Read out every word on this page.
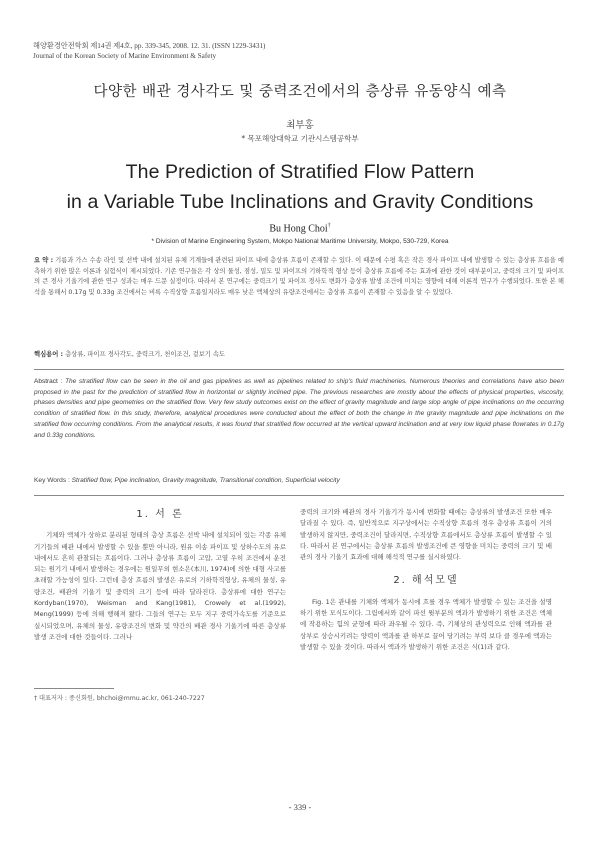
해양환경안전학회 제14권 제4호, pp. 339-345, 2008. 12. 31. (ISSN 1229-3431)
Journal of the Korean Society of Marine Environment & Safety
다양한 배관 경사각도 및 중력조건에서의 층상류 유동양식 예측
최부홍
* 목포해양대학교 기관시스템공학부
The Prediction of Stratified Flow Pattern
in a Variable Tube Inclinations and Gravity Conditions
Bu Hong Choi†
* Division of Marine Engineering System, Mokpo National Maritime University, Mokpo, 530-729, Korea
요 약 : 기름과 가스 수송 라인 및 선박 내에 설치된 유체 기계들에 관련된 파이프 내에 층상류 흐름이 존재할 수 있다. 이 때문에 수평 혹은 작은 경사 파이프 내에 발생할 수 있는 층상류 흐름을 예측하기 위한 많은 이론과 실험식이 제시되었다. 기존 연구들은 각 상의 물성, 점성, 밀도 및 파이프의 기하학적 형상 등이 층상류 흐름에 주는 효과에 관한 것이 대부분이고, 중력의 크기 및 파이프의 큰 경사 기울기에 관한 연구 성과는 매우 드문 실정이다. 따라서 본 연구에는 중력크기 및 파이프 경사도 변화가 층상류 발생 조건에 미치는 영향에 대해 이론적 연구가 수행되었다. 또한 본 해석을 통해서 0.17g 및 0.33g 조건에서는 비록 수직상향 흐름일지라도 매우 낮은 액체상의 유량조건에서는 층상류 흐름이 존재할 수 있음을 알 수 있었다.
핵심용어 : 층상류, 파이프 경사각도, 중력크기, 천이조건, 겉보기 속도
Abstract : The stratified flow can be seen in the oil and gas pipelines as well as pipelines related to ship's fluid machineries. Numerous theories and correlations have also been proposed in the past for the prediction of stratified flow in horizontal or slightly inclined pipe. The previous researches are mostly about the effects of physical properties, viscosity, phases densities and pipe geometries on the stratified flow. Very few study outcomes exist on the effect of gravity magnitude and large slop angle of pipe inclinations on the occurring condition of stratified flow. In this study, therefore, analytical procedures were conducted about the effect of both the change in the gravity magnitude and pipe inclinations on the stratified flow occurring conditions. From the analytical results, it was found that stratified flow occurred at the vertical upward inclination and at very low liquid phase flowrates in 0.17g and 0.33g conditions.
Key Words : Stratified flow, Pipe inclination, Gravity magnitude, Transitional condition, Superficial velocity
1. 서 론

기체와 액체가 상하로 분리된 형태의 층상 흐름은 선박 내에 설치되어 있는 각종 유체 기기들의 배관 내에서 발생할 수 있을 뿐만 아니라, 원유 이송 파이프 및 상하수도의 유로 내에서도 흔히 관찰되는 흐름이다. 그러나 층상류 흐름이 고압, 고열 우히 조건에서 운전되는 원기기 내에서 발생하는 경우에는 원일무외 현소은(本川, 1974)에 의한 대형 사고를 초래할 가능성이 있다. 그런데 층상 흐름의 발생은 유로의 기하학적형상, 유체의 물성, 유량조건, 배관의 기울기 및 중력의 크기 등에 따라 달라진다. 층상류에 대한 연구는 Kordyban(1970), Weisman and Kang(1981), Crowely et al.(1992), Meng(1999) 등에 의해 행해져 왔다. 그들의 연구는 모두 지구 중력가속도를 기준으로 실시되었으며, 유체의 물성, 유량조건의 변화 및 약간의 배관 경사 기울기에 따른 층상류 발생 조건에 대한 것들이다. 그러나

중력의 크기와 배관의 경사 기울기가 동시에 변화할 때에는 층상류의 발생조건 또한 매우 달라질 수 있다. 즉, 일반적으로 지구상에서는 수직상향 흐름의 경우 층상류 흐름이 거의 발생하지 않지만, 중력조건이 달라지면, 수직상향 흐름에서도 층상류 흐름이 발생할 수 있다. 따라서 본 연구에서는 층상류 흐름의 발생조건에 큰 영향을 미치는 중력의 크기 및 배관의 경사 기울기 효과에 대해 해석적 연구를 실시하였다.

2. 해석모델

Fig. 1은 관내를 기체와 액체가 동시에 흐를 경우 액체가 발생할 수 있는 조건을 설명하기 위한 모식도이다. 그림에서와 같이 파선 윗부분의 액과가 발생하기 위한 조건은 액체에 작용하는 힘의 균형에 따라 좌우될 수 있다. 즉, 기체상의 관성력으로 인해 액과를 관 상부로 상승시키려는 양력이 액과를 관 하부로 끌어 당기려는 부력 보다 클 경우에 액과는 발생할 수 있을 것이다. 따라서 액과가 발생하기 위한 조건은 식(1)과 같다.

† 대표저자 : 종신회원, bhchoi@mmu.ac.kr, 061-240-7227
- 339 -
